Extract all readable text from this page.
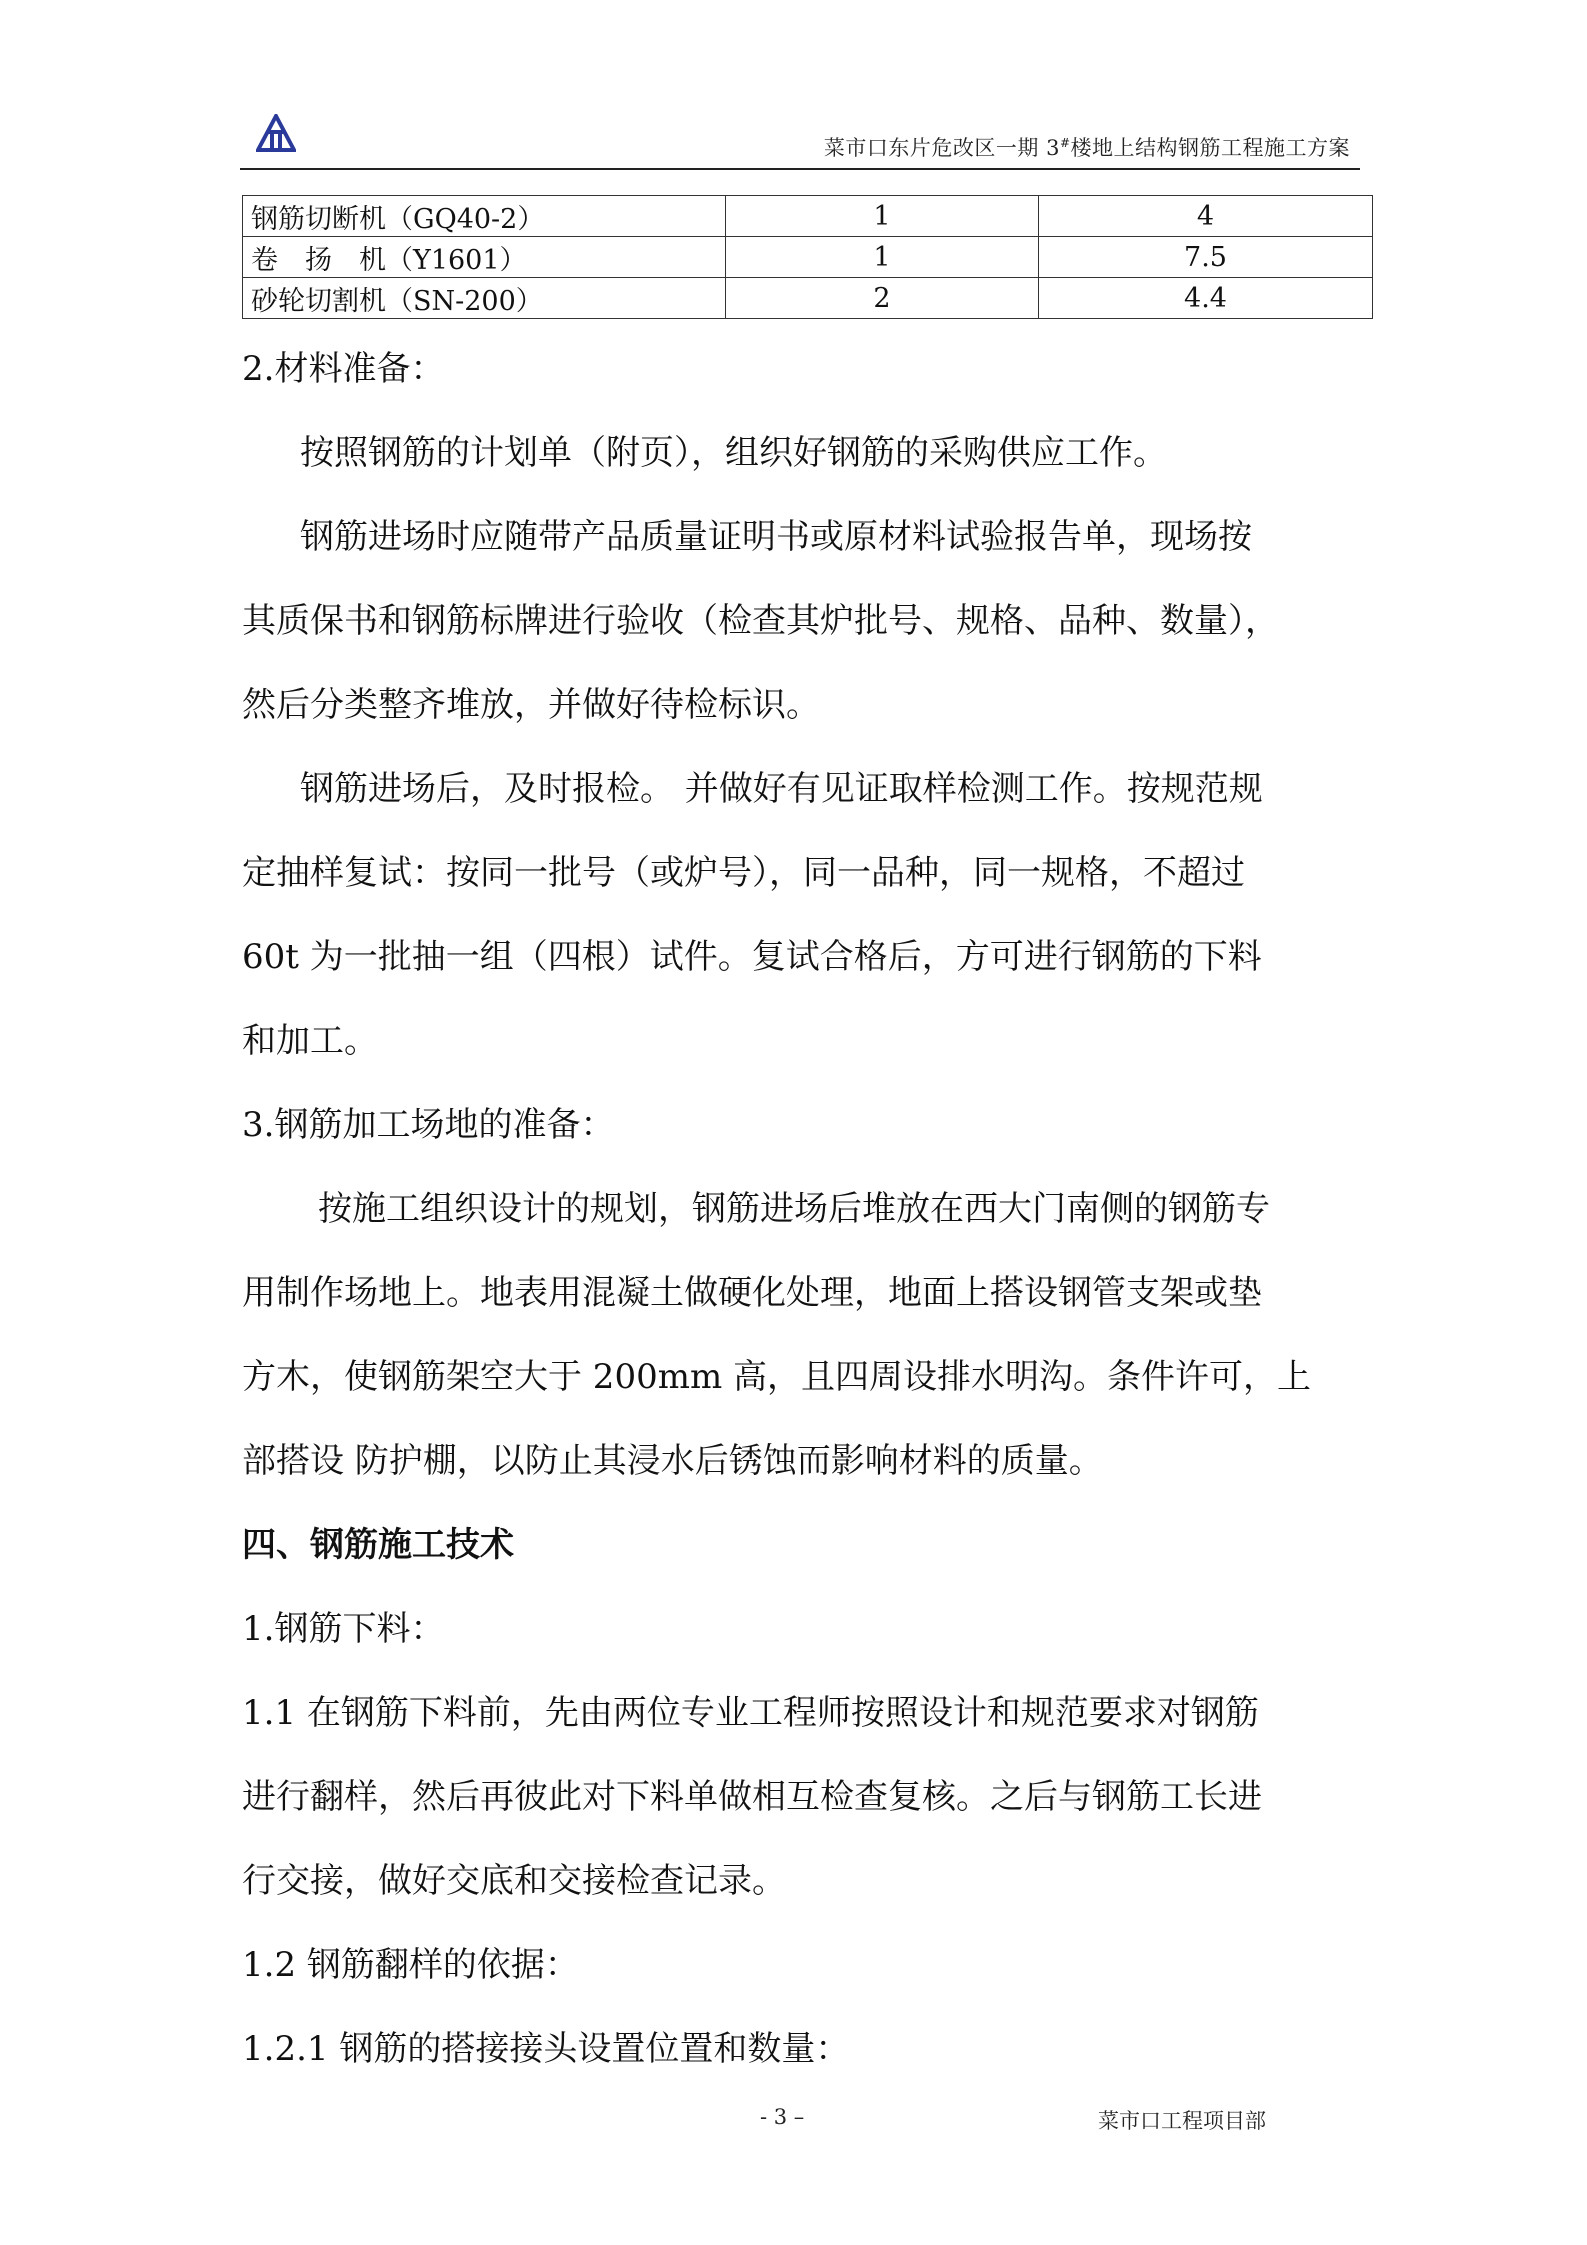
菜市口东片危改区一期 3#楼地上结构钢筋工程施工方案
钢筋切断机（GQ40-2）	1	4
卷　扬　机（Y1601）	1	7.5
砂轮切割机（SN-200）	2	4.4
2.材料准备：
按照钢筋的计划单（附页），组织好钢筋的采购供应工作。
钢筋进场时应随带产品质量证明书或原材料试验报告单，现场按
其质保书和钢筋标牌进行验收（检查其炉批号、规格、品种、数量），
然后分类整齐堆放，并做好待检标识。
钢筋进场后，及时报检。 并做好有见证取样检测工作。按规范规
定抽样复试：按同一批号（或炉号），同一品种，同一规格，不超过
60t 为一批抽一组（四根）试件。复试合格后，方可进行钢筋的下料
和加工。
3.钢筋加工场地的准备：
按施工组织设计的规划，钢筋进场后堆放在西大门南侧的钢筋专
用制作场地上。地表用混凝土做硬化处理，地面上搭设钢管支架或垫
方木，使钢筋架空大于 200mm 高，且四周设排水明沟。条件许可，上
部搭设 防护棚，以防止其浸水后锈蚀而影响材料的质量。
四、钢筋施工技术
1.钢筋下料：
1.1 在钢筋下料前，先由两位专业工程师按照设计和规范要求对钢筋
进行翻样，然后再彼此对下料单做相互检查复核。之后与钢筋工长进
行交接，做好交底和交接检查记录。
1.2 钢筋翻样的依据：
1.2.1 钢筋的搭接接头设置位置和数量：
- 3 –	菜市口工程项目部
